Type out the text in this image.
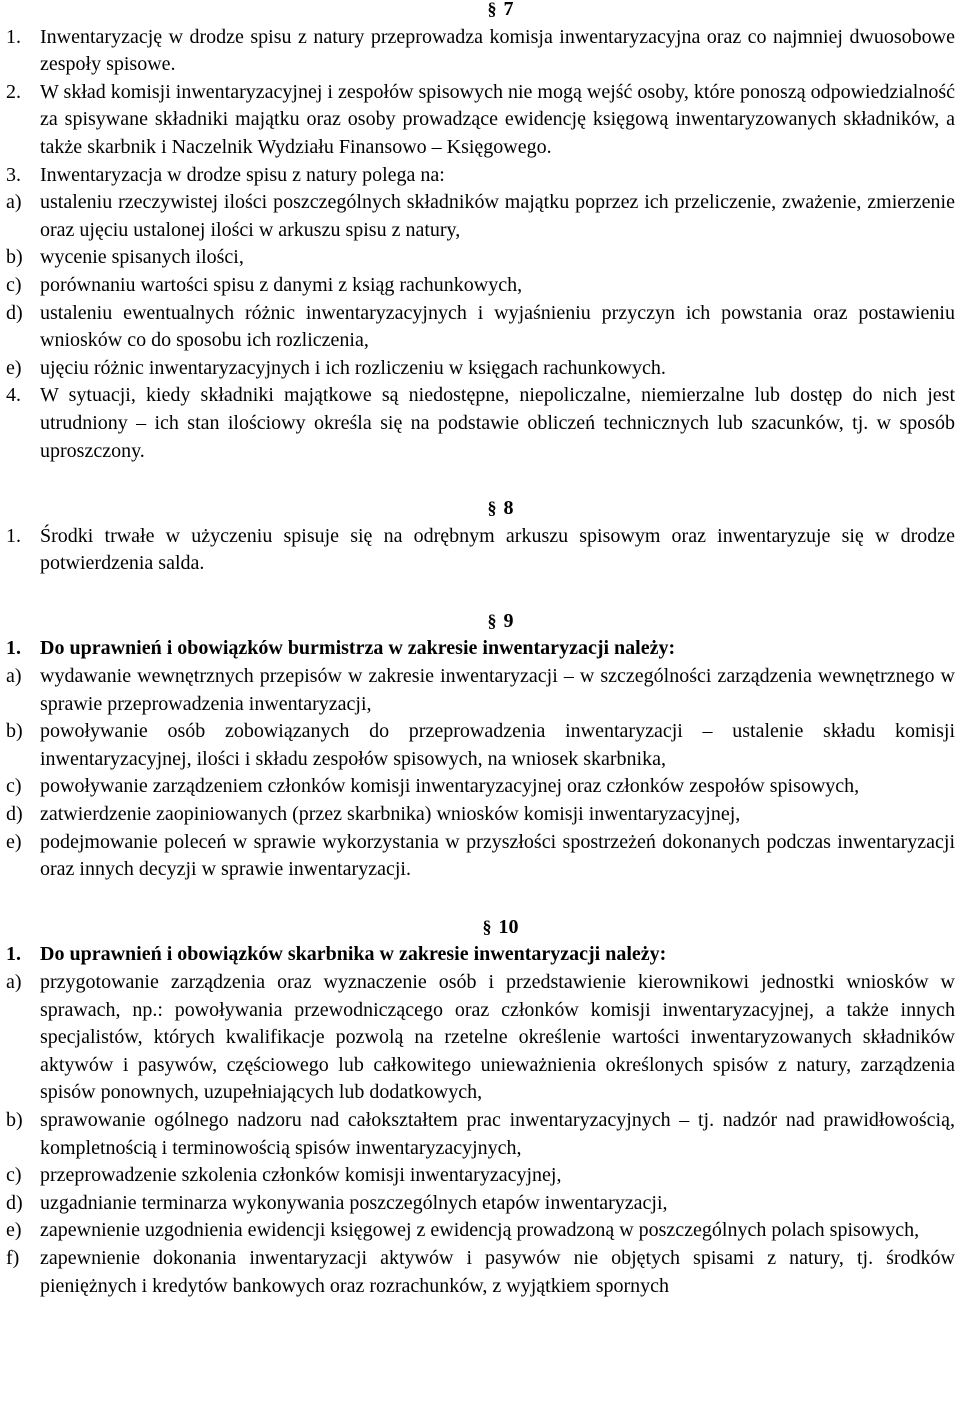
§ 7

1. Inwentaryzację w drodze spisu z natury przeprowadza komisja inwentaryzacyjna oraz co najmniej dwuosobowe zespoły spisowe.

2. W skład komisji inwentaryzacyjnej i zespołów spisowych nie mogą wejść osoby, które ponoszą odpowiedzialność za spisywane składniki majątku oraz osoby prowadzące ewidencję księgową inwentaryzowanych składników, a także skarbnik i Naczelnik Wydziału Finansowo – Księgowego.

3. Inwentaryzacja w drodze spisu z natury polega na:

a) ustaleniu rzeczywistej ilości poszczególnych składników majątku poprzez ich przeliczenie, zważenie, zmierzenie oraz ujęciu ustalonej ilości w arkuszu spisu z natury,

b) wycenie spisanych ilości,

c) porównaniu wartości spisu z danymi z ksiąg rachunkowych,

d) ustaleniu ewentualnych różnic inwentaryzacyjnych i wyjaśnieniu przyczyn ich powstania oraz postawieniu wniosków co do sposobu ich rozliczenia,

e) ujęciu różnic inwentaryzacyjnych i ich rozliczeniu w księgach rachunkowych.

4. W sytuacji, kiedy składniki majątkowe są niedostępne, niepoliczalne, niemierzalne lub dostęp do nich jest utrudniony – ich stan ilościowy określa się na podstawie obliczeń technicznych lub szacunków, tj. w sposób uproszczony.

§ 8

1. Środki trwałe w użyczeniu spisuje się na odrębnym arkuszu spisowym oraz inwentaryzuje się w drodze potwierdzenia salda.

§ 9

1. Do uprawnień i obowiązków burmistrza w zakresie inwentaryzacji należy:

a) wydawanie wewnętrznych przepisów w zakresie inwentaryzacji – w szczególności zarządzenia wewnętrznego w sprawie przeprowadzenia inwentaryzacji,

b) powoływanie osób zobowiązanych do przeprowadzenia inwentaryzacji – ustalenie składu komisji inwentaryzacyjnej, ilości i składu zespołów spisowych, na wniosek skarbnika,

c) powoływanie zarządzeniem członków komisji inwentaryzacyjnej oraz członków zespołów spisowych,

d) zatwierdzenie zaopiniowanych (przez skarbnika) wniosków komisji inwentaryzacyjnej,

e) podejmowanie poleceń w sprawie wykorzystania w przyszłości spostrzeżeń dokonanych podczas inwentaryzacji oraz innych decyzji w sprawie inwentaryzacji.

§ 10

1. Do uprawnień i obowiązków skarbnika w zakresie inwentaryzacji należy:

a) przygotowanie zarządzenia oraz wyznaczenie osób i przedstawienie kierownikowi jednostki wniosków w sprawach, np.: powoływania przewodniczącego oraz członków komisji inwentaryzacyjnej, a także innych specjalistów, których kwalifikacje pozwolą na rzetelne określenie wartości inwentaryzowanych składników aktywów i pasywów, częściowego lub całkowitego unieważnienia określonych spisów z natury, zarządzenia spisów ponownych, uzupełniających lub dodatkowych,

b) sprawowanie ogólnego nadzoru nad całokształtem prac inwentaryzacyjnych – tj. nadzór nad prawidłowością, kompletnością i terminowością spisów inwentaryzacyjnych,

c) przeprowadzenie szkolenia członków komisji inwentaryzacyjnej,

d) uzgadnianie terminarza wykonywania poszczególnych etapów inwentaryzacji,

e) zapewnienie uzgodnienia ewidencji księgowej z ewidencją prowadzoną w poszczególnych polach spisowych,

f) zapewnienie dokonania inwentaryzacji aktywów i pasywów nie objętych spisami z natury, tj. środków pieniężnych i kredytów bankowych oraz rozrachunków, z wyjątkiem spornych
